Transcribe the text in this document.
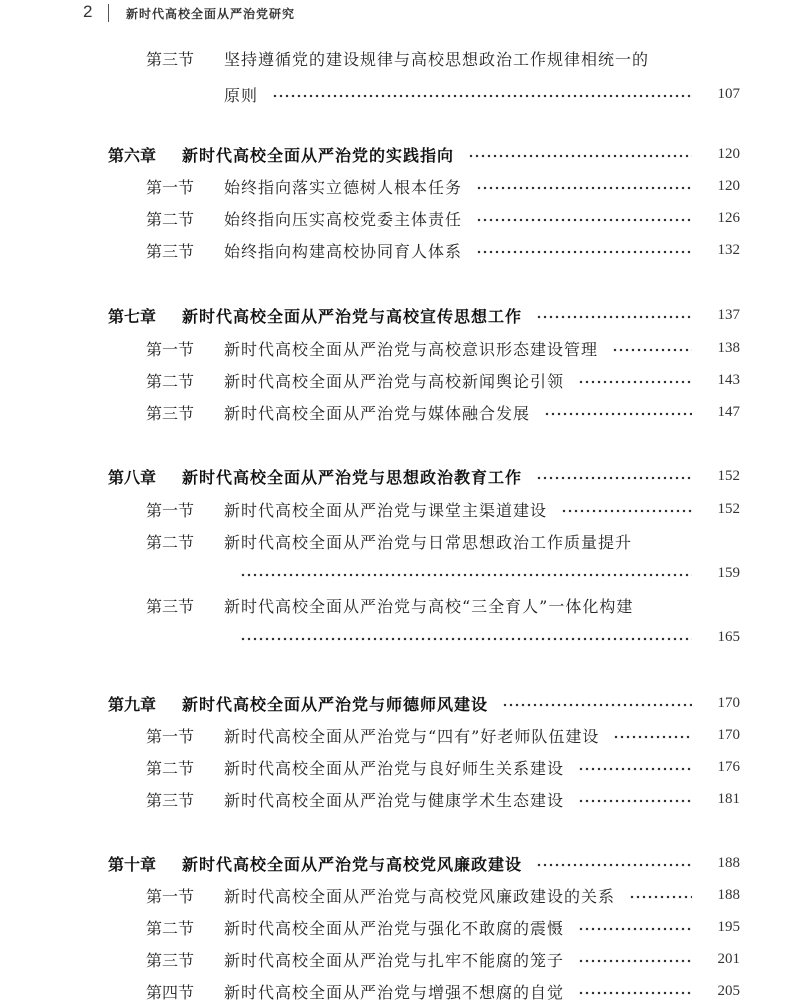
2	新时代高校全面从严治党研究
第三节	坚持遵循党的建设规律与高校思想政治工作规律相统一的
原则	107
第六章	新时代高校全面从严治党的实践指向	120
第一节	始终指向落实立德树人根本任务	120
第二节	始终指向压实高校党委主体责任	126
第三节	始终指向构建高校协同育人体系	132
第七章	新时代高校全面从严治党与高校宣传思想工作	137
第一节	新时代高校全面从严治党与高校意识形态建设管理	138
第二节	新时代高校全面从严治党与高校新闻舆论引领	143
第三节	新时代高校全面从严治党与媒体融合发展	147
第八章	新时代高校全面从严治党与思想政治教育工作	152
第一节	新时代高校全面从严治党与课堂主渠道建设	152
第二节	新时代高校全面从严治党与日常思想政治工作质量提升
159
第三节	新时代高校全面从严治党与高校“三全育人”一体化构建
165
第九章	新时代高校全面从严治党与师德师风建设	170
第一节	新时代高校全面从严治党与“四有”好老师队伍建设	170
第二节	新时代高校全面从严治党与良好师生关系建设	176
第三节	新时代高校全面从严治党与健康学术生态建设	181
第十章	新时代高校全面从严治党与高校党风廉政建设	188
第一节	新时代高校全面从严治党与高校党风廉政建设的关系	188
第二节	新时代高校全面从严治党与强化不敢腐的震慑	195
第三节	新时代高校全面从严治党与扎牢不能腐的笼子	201
第四节	新时代高校全面从严治党与增强不想腐的自觉	205
